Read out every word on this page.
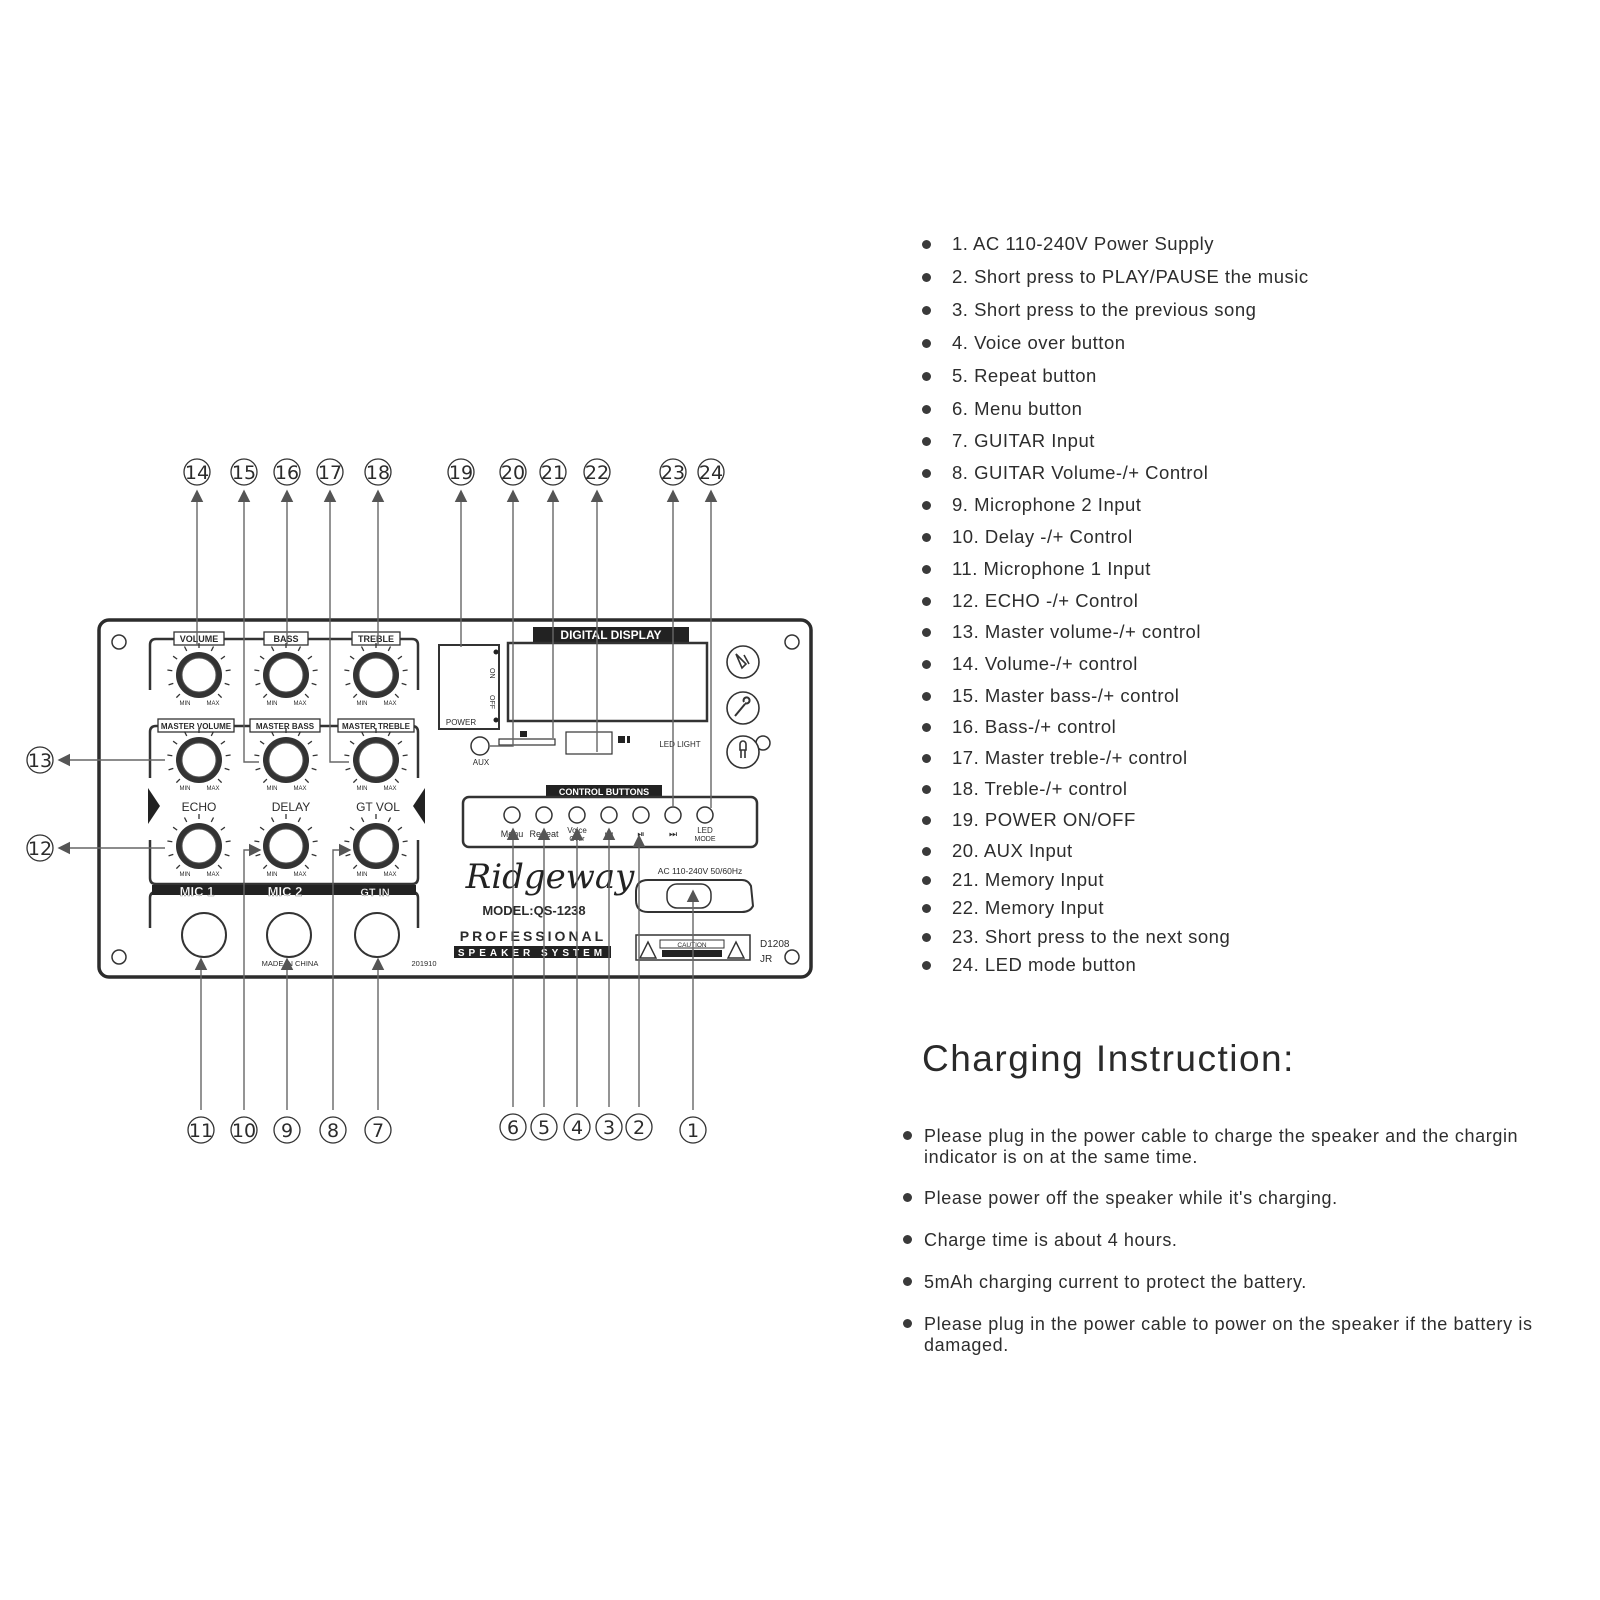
VOLUME	BASS	TREBLE
MASTER VOLUME	MASTER BASS	MASTER TREBLE
ECHO	DELAY	GT VOL
MIN	MAX	MIN	MAX	MIN	MAX
MIN	MAX	MIN	MAX	MIN	MAX
MIN	MAX	MIN	MAX	MIN	MAX
MIC 1	MIC 2	GT IN
MADE IN CHINA	201910
POWER
ON
OFF
AUX
DIGITAL DISPLAY
LED LIGHT
CONTROL BUTTONS
Menu Repeat Voice
Over
⏮	⏯	⏭	LED
MODE
Ridgeway
MODEL:QS-1238
PROFESSIONAL
SPEAKER SYSTEM
AC 110-240V 50/60Hz
CAUTION	D1208
JR
1
2
3
4
5
6
7
8
9
10
11
12
13
14 15 16 17 18	19 20 21 22	23 24
1. AC 110-240V Power Supply
2. Short press to PLAY/PAUSE the music
3. Short press to the previous song
4. Voice over button
5. Repeat button
6. Menu button
7. GUITAR Input
8. GUITAR Volume-/+ Control
9. Microphone 2 Input
10. Delay -/+ Control
11. Microphone 1 Input
12. ECHO -/+ Control
13. Master volume-/+ control
14. Volume-/+ control
15. Master bass-/+ control
16. Bass-/+ control
17. Master treble-/+ control
18. Treble-/+ control
19. POWER ON/OFF
20. AUX Input
21. Memory Input
22. Memory Input
23. Short press to the next song
24. LED mode button
Charging Instruction:
Please plug in the power cable to charge the speaker and the chargin indicator is on at the same time.
Please power off the speaker while it's charging.
Charge time is about 4 hours.
5mAh charging current to protect the battery.
Please plug in the power cable to power on the speaker if the battery is damaged.
